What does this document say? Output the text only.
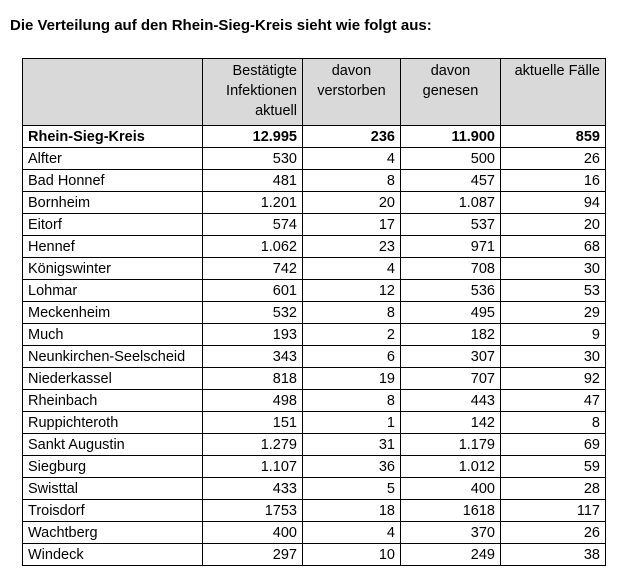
Die Verteilung auf den Rhein-Sieg-Kreis sieht wie folgt aus:
	Bestätigte Infektionen aktuell	davon verstorben	davon genesen	aktuelle Fälle
Rhein-Sieg-Kreis	12.995	236	11.900	859
Alfter	530	4	500	26
Bad Honnef	481	8	457	16
Bornheim	1.201	20	1.087	94
Eitorf	574	17	537	20
Hennef	1.062	23	971	68
Königswinter	742	4	708	30
Lohmar	601	12	536	53
Meckenheim	532	8	495	29
Much	193	2	182	9
Neunkirchen-Seelscheid	343	6	307	30
Niederkassel	818	19	707	92
Rheinbach	498	8	443	47
Ruppichteroth	151	1	142	8
Sankt Augustin	1.279	31	1.179	69
Siegburg	1.107	36	1.012	59
Swisttal	433	5	400	28
Troisdorf	1753	18	1618	117
Wachtberg	400	4	370	26
Windeck	297	10	249	38
